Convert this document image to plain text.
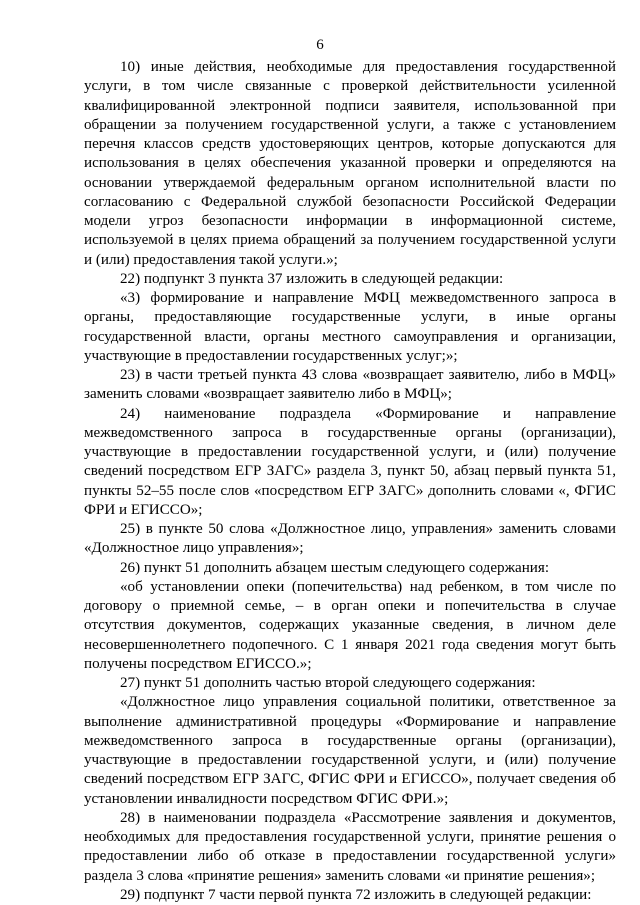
6

10) иные действия, необходимые для предоставления государственной услуги, в том числе связанные с проверкой действительности усиленной квалифицированной электронной подписи заявителя, использованной при обращении за получением государственной услуги, а также с установлением перечня классов средств удостоверяющих центров, которые допускаются для использования в целях обеспечения указанной проверки и определяются на основании утверждаемой федеральным органом исполнительной власти по согласованию с Федеральной службой безопасности Российской Федерации модели угроз безопасности информации в информационной системе, используемой в целях приема обращений за получением государственной услуги и (или) предоставления такой услуги.»;

22) подпункт 3 пункта 37 изложить в следующей редакции:

«3) формирование и направление МФЦ межведомственного запроса в органы, предоставляющие государственные услуги, в иные органы государственной власти, органы местного самоуправления и организации, участвующие в предоставлении государственных услуг;»;

23) в части третьей пункта 43 слова «возвращает заявителю, либо в МФЦ» заменить словами «возвращает заявителю либо в МФЦ»;

24) наименование подраздела «Формирование и направление межведомственного запроса в государственные органы (организации), участвующие в предоставлении государственной услуги, и (или) получение сведений посредством ЕГР ЗАГС» раздела 3, пункт 50, абзац первый пункта 51, пункты 52–55 после слов «посредством ЕГР ЗАГС» дополнить словами «, ФГИС ФРИ и ЕГИССО»;

25) в пункте 50 слова «Должностное лицо, управления» заменить словами «Должностное лицо управления»;

26) пункт 51 дополнить абзацем шестым следующего содержания:

«об установлении опеки (попечительства) над ребенком, в том числе по договору о приемной семье, – в орган опеки и попечительства в случае отсутствия документов, содержащих указанные сведения, в личном деле несовершеннолетнего подопечного. С 1 января 2021 года сведения могут быть получены посредством ЕГИССО.»;

27) пункт 51 дополнить частью второй следующего содержания:

«Должностное лицо управления социальной политики, ответственное за выполнение административной процедуры «Формирование и направление межведомственного запроса в государственные органы (организации), участвующие в предоставлении государственной услуги, и (или) получение сведений посредством ЕГР ЗАГС, ФГИС ФРИ и ЕГИССО», получает сведения об установлении инвалидности посредством ФГИС ФРИ.»;

28) в наименовании подраздела «Рассмотрение заявления и документов, необходимых для предоставления государственной услуги, принятие решения о предоставлении либо об отказе в предоставлении государственной услуги» раздела 3 слова «принятие решения» заменить словами «и принятие решения»;

29) подпункт 7 части первой пункта 72 изложить в следующей редакции:
